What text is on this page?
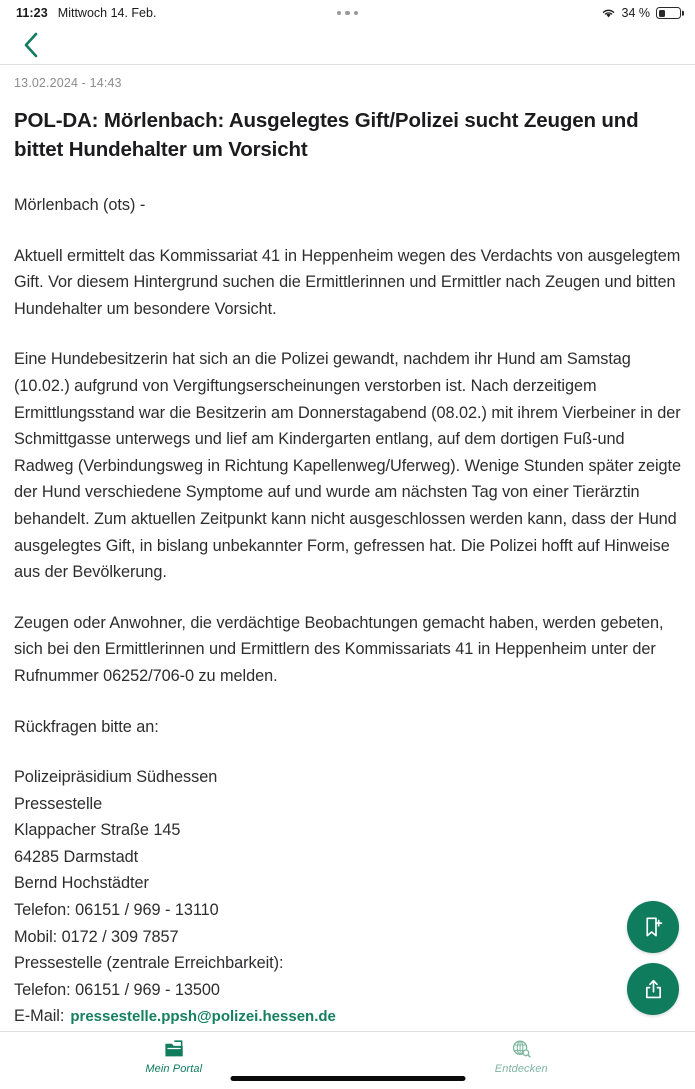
11:23 Mittwoch 14. Feb.	34 %
13.02.2024 - 14:43
POL-DA: Mörlenbach: Ausgelegtes Gift/Polizei sucht Zeugen und bittet Hundehalter um Vorsicht

Mörlenbach (ots) -

Aktuell ermittelt das Kommissariat 41 in Heppenheim wegen des Verdachts von ausgelegtem Gift. Vor diesem Hintergrund suchen die Ermittlerinnen und Ermittler nach Zeugen und bitten Hundehalter um besondere Vorsicht.

Eine Hundebesitzerin hat sich an die Polizei gewandt, nachdem ihr Hund am Samstag (10.02.) aufgrund von Vergiftungserscheinungen verstorben ist. Nach derzeitigem Ermittlungsstand war die Besitzerin am Donnerstagabend (08.02.) mit ihrem Vierbeiner in der Schmittgasse unterwegs und lief am Kindergarten entlang, auf dem dortigen Fuß-und Radweg (Verbindungsweg in Richtung Kapellenweg/Uferweg). Wenige Stunden später zeigte der Hund verschiedene Symptome auf und wurde am nächsten Tag von einer Tierärztin behandelt. Zum aktuellen Zeitpunkt kann nicht ausgeschlossen werden kann, dass der Hund ausgelegtes Gift, in bislang unbekannter Form, gefressen hat. Die Polizei hofft auf Hinweise aus der Bevölkerung.

Zeugen oder Anwohner, die verdächtige Beobachtungen gemacht haben, werden gebeten, sich bei den Ermittlerinnen und Ermittlern des Kommissariats 41 in Heppenheim unter der Rufnummer 06252/706-0 zu melden.

Rückfragen bitte an:

Polizeipräsidium Südhessen
Pressestelle
Klappacher Straße 145
64285 Darmstadt
Bernd Hochstädter
Telefon: 06151 / 969 - 13110
Mobil: 0172 / 309 7857
Pressestelle (zentrale Erreichbarkeit):
Telefon: 06151 / 969 - 13500
E-Mail: pressestelle.ppsh@polizei.hessen.de
Mein Portal	Entdecken
